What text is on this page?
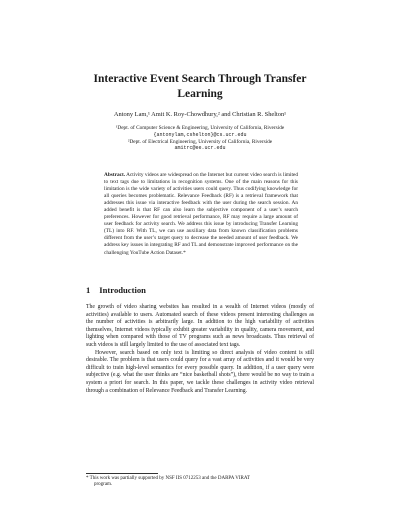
Interactive Event Search Through Transfer
Learning
Antony Lam,¹ Amit K. Roy-Chowdhury,² and Christian R. Shelton¹
¹Dept. of Computer Science & Engineering, University of California, Riverside
{antonylam,cshelton}@cs.ucr.edu
²Dept. of Electrical Engineering, University of California, Riverside
amitrc@ee.ucr.edu
Abstract. Activity videos are widespread on the Internet but current video search is limited to text tags due to limitations in recognition systems. One of the main reasons for this limitation is the wide variety of activities users could query. Thus codifying knowledge for all queries becomes problematic. Relevance Feedback (RF) is a retrieval framework that addresses this issue via interactive feedback with the user during the search session. An added benefit is that RF can also learn the subjective component of a user’s search preferences. However for good retrieval performance, RF may require a large amount of user feedback for activity search. We address this issue by introducing Transfer Learning (TL) into RF. With TL, we can use auxiliary data from known classification problems different from the user’s target query to decrease the needed amount of user feedback. We address key issues in integrating RF and TL and demonstrate improved performance on the challenging YouTube Action Dataset.*
1 Introduction

The growth of video sharing websites has resulted in a wealth of Internet videos (mostly of activities) available to users. Automated search of these videos present interesting challenges as the number of activities is arbitrarily large. In addition to the high variability of activities themselves, Internet videos typically exhibit greater variability in quality, camera movement, and lighting when compared with those of TV programs such as news broadcasts. Thus retrieval of such videos is still largely limited to the use of associated text tags.

However, search based on only text is limiting so direct analysis of video content is still desirable. The problem is that users could query for a vast array of activities and it would be very difficult to train high-level semantics for every possible query. In addition, if a user query were subjective (e.g. what the user thinks are “nice basketball shots”), there would be no way to train a system a priori for search. In this paper, we tackle these challenges in activity video retrieval through a combination of Relevance Feedback and Transfer Learning.

* This work was partially supported by NSF IIS 0712253 and the DARPA VIRAT
program.
